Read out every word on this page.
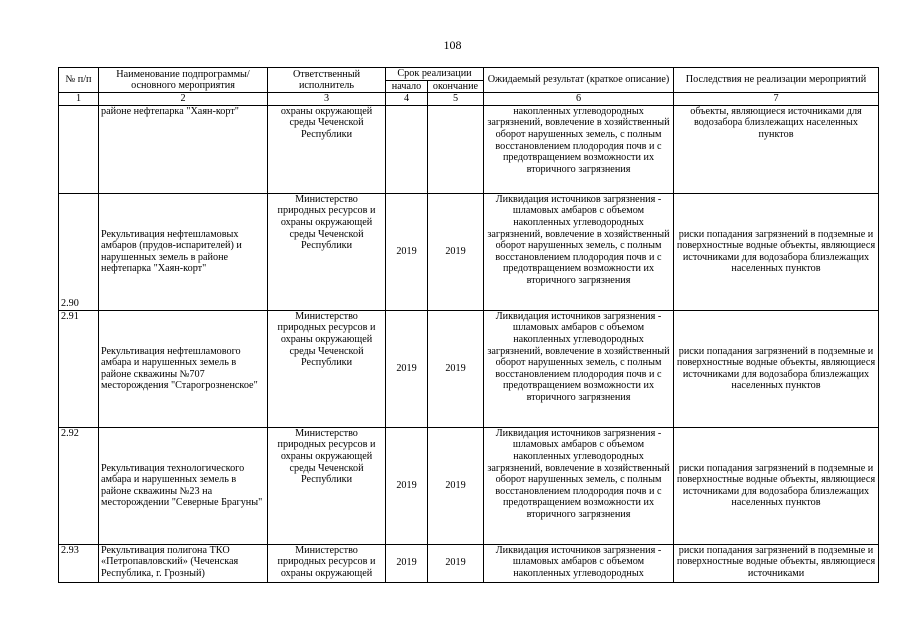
108
№ п/п	Наименование подпрограммы/ основного мероприятия	Ответственный исполнитель	Срок реализации		Ожидаемый результат (краткое описание)	Последствия не реализации мероприятий
			начало	окончание		
1	2	3	4	5	6	7
	районе нефтепарка "Хаян-корт"	охраны окружающей среды Чеченской Республики			накопленных углеводородных загрязнений, вовлечение в хозяйственный оборот нарушенных земель, с полным восстановлением плодородия почв и с предотвращением возможности их вторичного загрязнения	объекты, являющиеся источниками для водозабора близлежащих населенных пунктов
2.90	Рекультивация нефтешламовых амбаров (прудов-испарителей) и нарушенных земель в районе нефтепарка "Хаян-корт"	Министерство природных ресурсов и охраны окружающей среды Чеченской Республики	2019	2019	Ликвидация источников загрязнения - шламовых амбаров с объемом накопленных углеводородных загрязнений, вовлечение в хозяйственный оборот нарушенных земель, с полным восстановлением плодородия почв и с предотвращением возможности их вторичного загрязнения	риски попадания загрязнений в подземные и поверхностные водные объекты, являющиеся источниками для водозабора близлежащих населенных пунктов
2.91	Рекультивация нефтешламового амбара и нарушенных земель в районе скважины №707 месторождения "Старогрозненское"	Министерство природных ресурсов и охраны окружающей среды Чеченской Республики	2019	2019	Ликвидация источников загрязнения - шламовых амбаров с объемом накопленных углеводородных загрязнений, вовлечение в хозяйственный оборот нарушенных земель, с полным восстановлением плодородия почв и с предотвращением возможности их вторичного загрязнения	риски попадания загрязнений в подземные и поверхностные водные объекты, являющиеся источниками для водозабора близлежащих населенных пунктов
2.92	Рекультивация технологического амбара и нарушенных земель в районе скважины №23 на месторождении "Северные Брагуны"	Министерство природных ресурсов и охраны окружающей среды Чеченской Республики	2019	2019	Ликвидация источников загрязнения - шламовых амбаров с объемом накопленных углеводородных загрязнений, вовлечение в хозяйственный оборот нарушенных земель, с полным восстановлением плодородия почв и с предотвращением возможности их вторичного загрязнения	риски попадания загрязнений в подземные и поверхностные водные объекты, являющиеся источниками для водозабора близлежащих населенных пунктов
2.93	Рекультивация полигона ТКО «Петропавловский» (Чеченская Республика, г. Грозный)	Министерство природных ресурсов и охраны окружающей	2019	2019	Ликвидация источников загрязнения - шламовых амбаров с объемом накопленных углеводородных	риски попадания загрязнений в подземные и поверхностные водные объекты, являющиеся источниками
